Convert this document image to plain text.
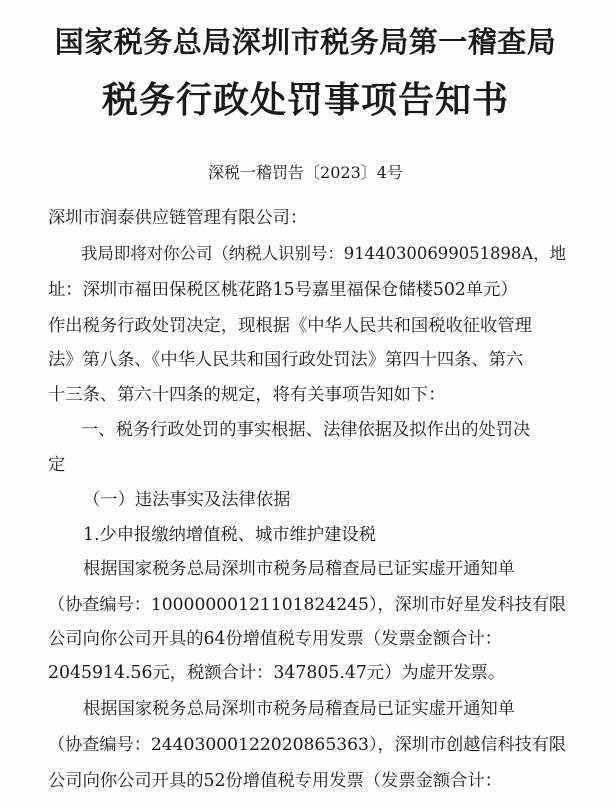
国家税务总局深圳市税务局第一稽查局
税务行政处罚事项告知书
深税一稽罚告〔2023〕4号
深圳市润泰供应链管理有限公司：
我局即将对你公司（纳税人识别号：91440300699051898A，地
址：深圳市福田保税区桃花路15号嘉里福保仓储楼502单元）
作出税务行政处罚决定，现根据《中华人民共和国税收征收管理
法》第八条、《中华人民共和国行政处罚法》第四十四条、第六
十三条、第六十四条的规定，将有关事项告知如下：
一、税务行政处罚的事实根据、法律依据及拟作出的处罚决
定
（一）违法事实及法律依据
1.少申报缴纳增值税、城市维护建设税
根据国家税务总局深圳市税务局稽查局已证实虚开通知单
（协查编号：10000000121101824245），深圳市好星发科技有限
公司向你公司开具的64份增值税专用发票（发票金额合计：
2045914.56元，税额合计：347805.47元）为虚开发票。
根据国家税务总局深圳市税务局稽查局已证实虚开通知单
（协查编号：24403000122020865363），深圳市创越信科技有限
公司向你公司开具的52份增值税专用发票（发票金额合计：
